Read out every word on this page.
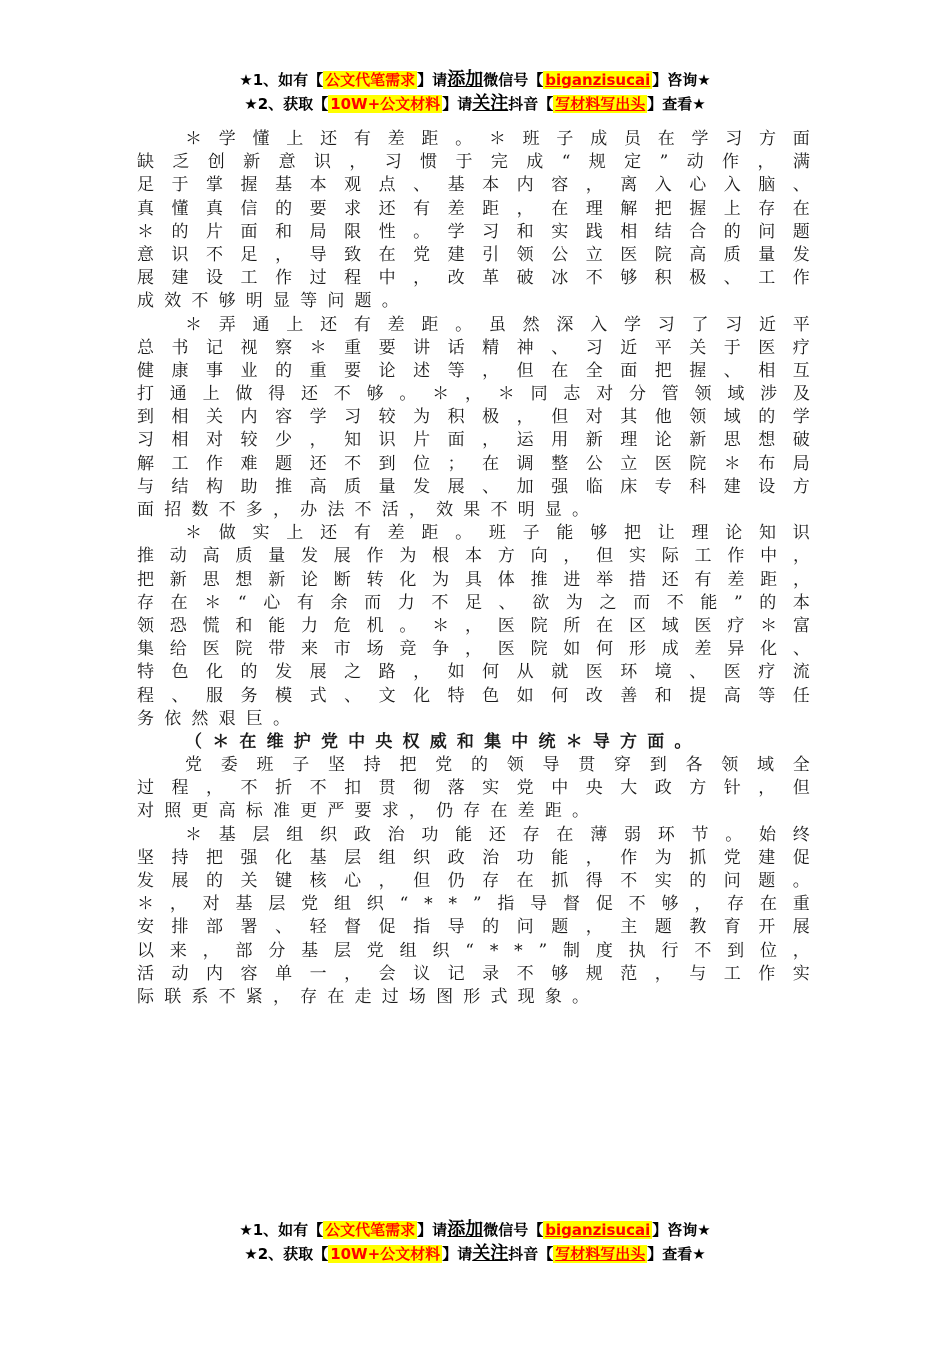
★1、如有【 公文代笔需求 】请添加微信号【 biganzisucai 】咨询★
★2、获取【 10W+公文材料 】请关注抖音【 写材料写出头 】查看★
＊ 学 懂 上 还 有 差 距 。 ＊ 班 子 成 员 在 学 习 方 面
缺 乏 创 新 意 识 ， 习 惯 于 完 成 “ 规 定 ” 动 作 ， 满
足 于 掌 握 基 本 观 点 、 基 本 内 容 ， 离 入 心 入 脑 、
真 懂 真 信 的 要 求 还 有 差 距 ， 在 理 解 把 握 上 存 在
＊ 的 片 面 和 局 限 性 。 学 习 和 实 践 相 结 合 的 问 题
意 识 不 足 ， 导 致 在 党 建 引 领 公 立 医 院 高 质 量 发
展 建 设 工 作 过 程 中 ， 改 革 破 冰 不 够 积 极 、 工 作
成 效 不 够 明 显 等 问 题 。
＊ 弄 通 上 还 有 差 距 。 虽 然 深 入 学 习 了 习 近 平
总 书 记 视 察 ＊ 重 要 讲 话 精 神 、 习 近 平 关 于 医 疗
健 康 事 业 的 重 要 论 述 等 ， 但 在 全 面 把 握 、 相 互
打 通 上 做 得 还 不 够 。 ＊ ， ＊ 同 志 对 分 管 领 域 涉 及
到 相 关 内 容 学 习 较 为 积 极 ， 但 对 其 他 领 域 的 学
习 相 对 较 少 ， 知 识 片 面 ， 运 用 新 理 论 新 思 想 破
解 工 作 难 题 还 不 到 位 ； 在 调 整 公 立 医 院 ＊ 布 局
与 结 构 助 推 高 质 量 发 展 、 加 强 临 床 专 科 建 设 方
面 招 数 不 多 ， 办 法 不 活 ， 效 果 不 明 显 。
＊ 做 实 上 还 有 差 距 。 班 子 能 够 把 让 理 论 知 识
推 动 高 质 量 发 展 作 为 根 本 方 向 ， 但 实 际 工 作 中 ，
把 新 思 想 新 论 断 转 化 为 具 体 推 进 举 措 还 有 差 距 ，
存 在 ＊ “ 心 有 余 而 力 不 足 、 欲 为 之 而 不 能 ” 的 本
领 恐 慌 和 能 力 危 机 。 ＊ ， 医 院 所 在 区 域 医 疗 ＊ 富
集 给 医 院 带 来 市 场 竞 争 ， 医 院 如 何 形 成 差 异 化 、
特 色 化 的 发 展 之 路 ， 如 何 从 就 医 环 境 、 医 疗 流
程 、 服 务 模 式 、 文 化 特 色 如 何 改 善 和 提 高 等 任
务 依 然 艰 巨 。
（ ＊ 在 维 护 党 中 央 权 威 和 集 中 统 ＊ 导 方 面 。
党 委 班 子 坚 持 把 党 的 领 导 贯 穿 到 各 领 域 全
过 程 ， 不 折 不 扣 贯 彻 落 实 党 中 央 大 政 方 针 ， 但
对 照 更 高 标 准 更 严 要 求 ， 仍 存 在 差 距 。
＊ 基 层 组 织 政 治 功 能 还 存 在 薄 弱 环 节 。 始 终
坚 持 把 强 化 基 层 组 织 政 治 功 能 ， 作 为 抓 党 建 促
发 展 的 关 键 核 心 ， 但 仍 存 在 抓 得 不 实 的 问 题 。
＊ ， 对 基 层 党 组 织 “ * * ” 指 导 督 促 不 够 ， 存 在 重
安 排 部 署 、 轻 督 促 指 导 的 问 题 ， 主 题 教 育 开 展
以 来 ， 部 分 基 层 党 组 织 “ * * ” 制 度 执 行 不 到 位 ，
活 动 内 容 单 一 ， 会 议 记 录 不 够 规 范 ， 与 工 作 实
际 联 系 不 紧 ， 存 在 走 过 场 图 形 式 现 象 。
★1、如有【 公文代笔需求 】请添加微信号【 biganzisucai 】咨询★
★2、获取【 10W+公文材料 】请关注抖音【 写材料写出头 】查看★
